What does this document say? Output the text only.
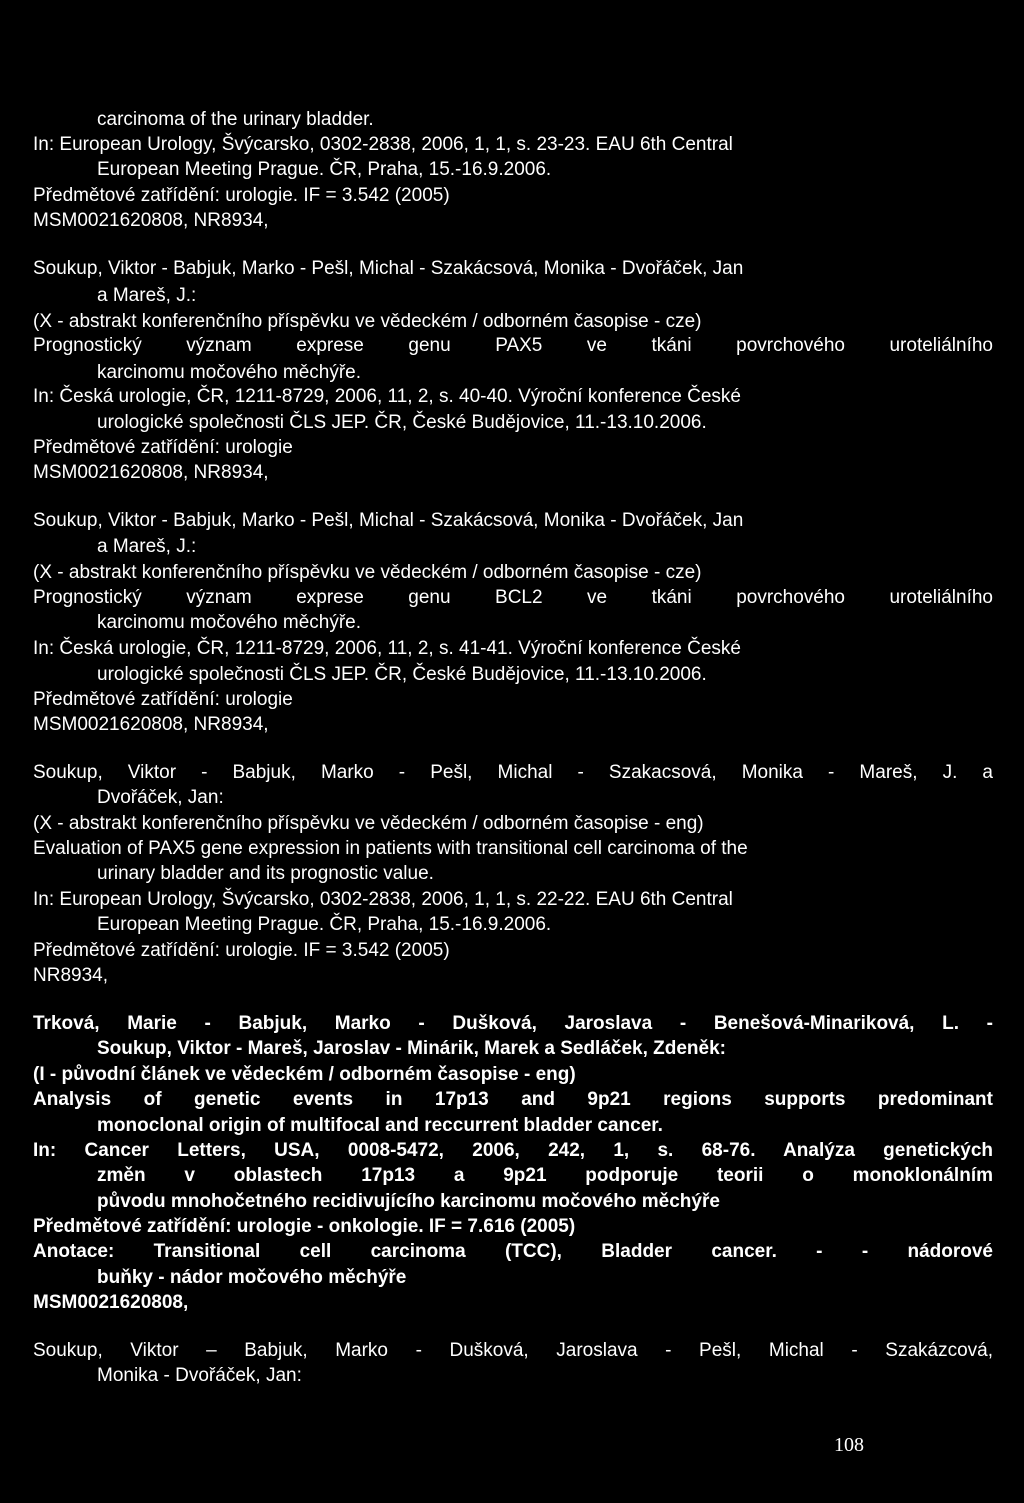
carcinoma of the urinary bladder.
In: European Urology, Švýcarsko, 0302-2838, 2006, 1, 1, s. 23-23. EAU 6th Central
European Meeting Prague. ČR, Praha, 15.-16.9.2006.
Předmětové zatřídění: urologie. IF = 3.542 (2005)
MSM0021620808, NR8934,
Soukup, Viktor - Babjuk, Marko - Pešl, Michal - Szakácsová, Monika - Dvořáček, Jan
a Mareš, J.:
(X - abstrakt konferenčního příspěvku ve vědeckém / odborném časopise - cze)
Prognostický význam exprese genu PAX5 ve tkáni povrchového uroteliálního
karcinomu močového měchýře.
In: Česká urologie, ČR, 1211-8729, 2006, 11, 2, s. 40-40. Výroční konference České
urologické společnosti ČLS JEP. ČR, České Budějovice, 11.-13.10.2006.
Předmětové zatřídění: urologie
MSM0021620808, NR8934,
Soukup, Viktor - Babjuk, Marko - Pešl, Michal - Szakácsová, Monika - Dvořáček, Jan
a Mareš, J.:
(X - abstrakt konferenčního příspěvku ve vědeckém / odborném časopise - cze)
Prognostický význam exprese genu BCL2 ve tkáni povrchového uroteliálního
karcinomu močového měchýře.
In: Česká urologie, ČR, 1211-8729, 2006, 11, 2, s. 41-41. Výroční konference České
urologické společnosti ČLS JEP. ČR, České Budějovice, 11.-13.10.2006.
Předmětové zatřídění: urologie
MSM0021620808, NR8934,
Soukup, Viktor - Babjuk, Marko - Pešl, Michal - Szakacsová, Monika - Mareš, J. a
Dvořáček, Jan:
(X - abstrakt konferenčního příspěvku ve vědeckém / odborném časopise - eng)
Evaluation of PAX5 gene expression in patients with transitional cell carcinoma of the
urinary bladder and its prognostic value.
In: European Urology, Švýcarsko, 0302-2838, 2006, 1, 1, s. 22-22. EAU 6th Central
European Meeting Prague. ČR, Praha, 15.-16.9.2006.
Předmětové zatřídění: urologie. IF = 3.542 (2005)
NR8934,
Trková, Marie - Babjuk, Marko - Dušková, Jaroslava - Benešová-Minariková, L. -
Soukup, Viktor - Mareš, Jaroslav - Minárik, Marek a Sedláček, Zdeněk:
(I - původní článek ve vědeckém / odborném časopise - eng)
Analysis of genetic events in 17p13 and 9p21 regions supports predominant
monoclonal origin of multifocal and reccurrent bladder cancer.
In: Cancer Letters, USA, 0008-5472, 2006, 242, 1, s. 68-76. Analýza genetických
změn v oblastech 17p13 a 9p21 podporuje teorii o monoklonálním
původu mnohočetného recidivujícího karcinomu močového měchýře
Předmětové zatřídění: urologie - onkologie. IF = 7.616 (2005)
Anotace: Transitional cell carcinoma (TCC), Bladder cancer. - - nádorové
buňky - nádor močového měchýře
MSM0021620808,
Soukup, Viktor – Babjuk, Marko - Dušková, Jaroslava - Pešl, Michal - Szakázcová,
Monika - Dvořáček, Jan:
108
